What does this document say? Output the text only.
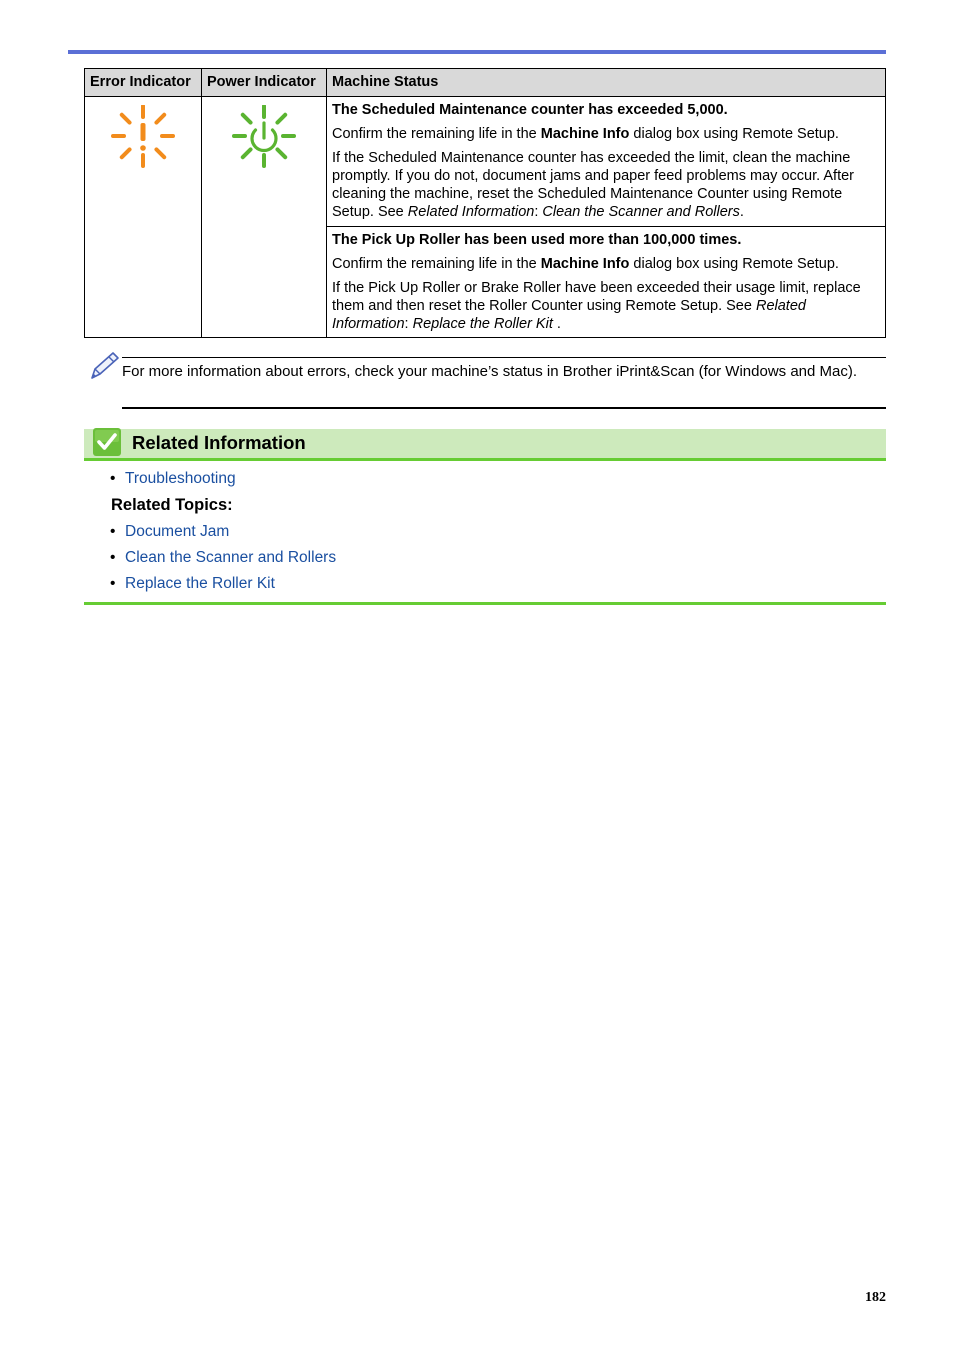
Error Indicator	Power Indicator	Machine Status

The Scheduled Maintenance counter has exceeded 5,000.

Confirm the remaining life in the Machine Info dialog box using Remote Setup.

If the Scheduled Maintenance counter has exceeded the limit, clean the machine promptly. If you do not, document jams and paper feed problems may occur. After cleaning the machine, reset the Scheduled Maintenance Counter using Remote Setup. See Related Information: Clean the Scanner and Rollers.

		The Pick Up Roller has been used more than 100,000 times.

Confirm the remaining life in the Machine Info dialog box using Remote Setup.

If the Pick Up Roller or Brake Roller have been exceeded their usage limit, replace them and then reset the Roller Counter using Remote Setup. See Related Information: Replace the Roller Kit .

For more information about errors, check your machine’s status in Brother iPrint&Scan (for Windows and Mac).
Related Information
• Troubleshooting
Related Topics:
• Document Jam
• Clean the Scanner and Rollers
• Replace the Roller Kit
182
